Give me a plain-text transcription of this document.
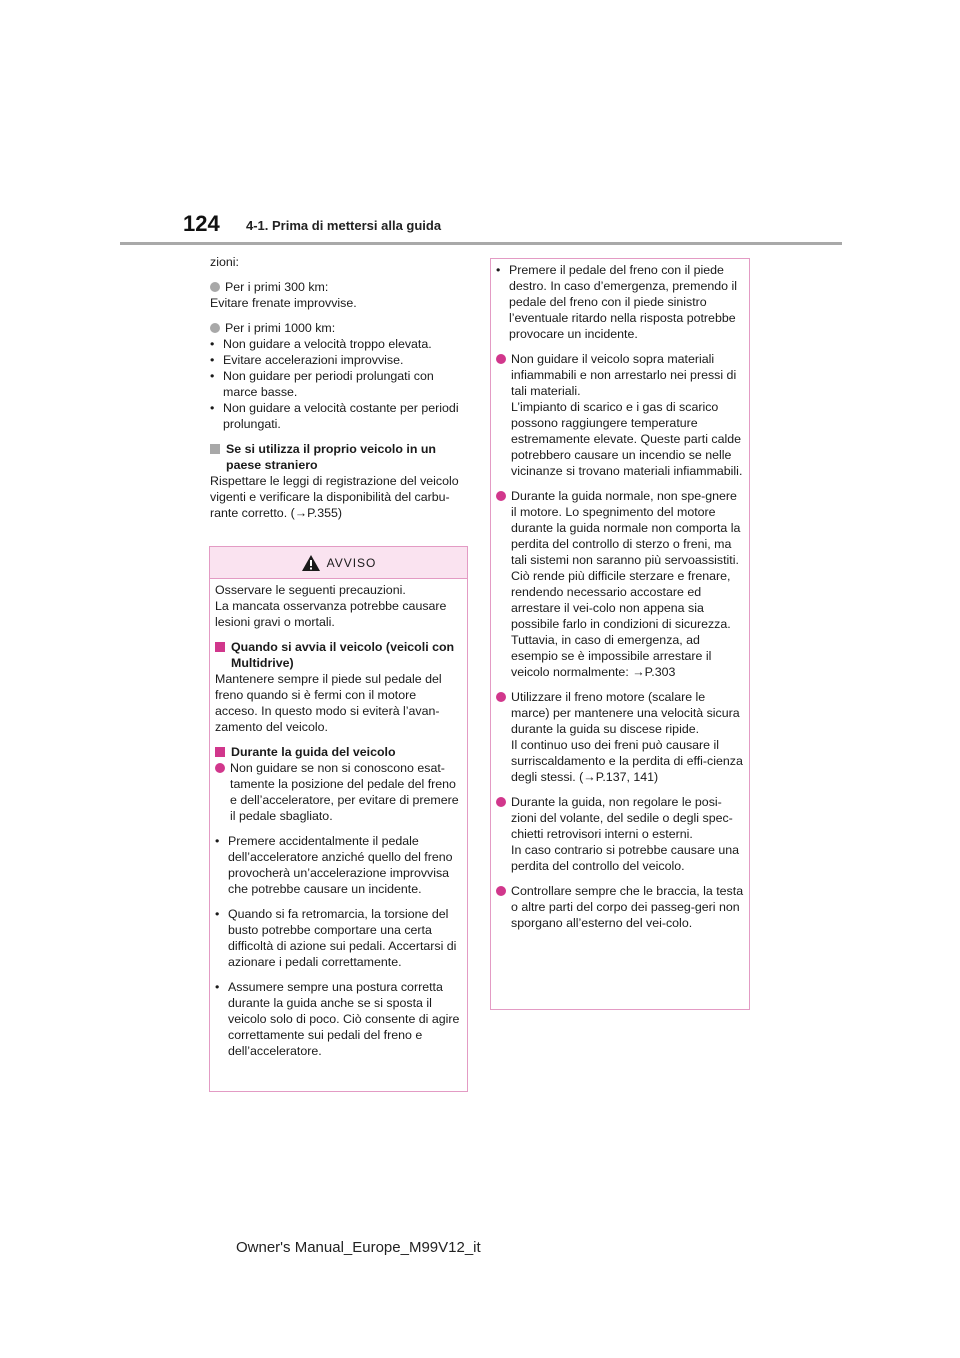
124 4-1. Prima di mettersi alla guida

zioni:

Per i primi 300 km:

Evitare frenate improvvise.

Per i primi 1000 km:
• Non guidare a velocità troppo elevata.
• Evitare accelerazioni improvvise.
• Non guidare per periodi prolungati con marce basse.
• Non guidare a velocità costante per periodi prolungati.
Se si utilizza il proprio veicolo in un paese straniero

Rispettare le leggi di registrazione del veicolo vigenti e verificare la disponibilità del carbu-rante corretto. (→P.355)

AVVISO

Osservare le seguenti precauzioni.
La mancata osservanza potrebbe causare lesioni gravi o mortali.

Quando si avvia il veicolo (veicoli con Multidrive)

Mantenere sempre il piede sul pedale del freno quando si è fermi con il motore acceso. In questo modo si eviterà l’avan-zamento del veicolo.

Durante la guida del veicolo
Non guidare se non si conoscono esat-tamente la posizione del pedale del freno e dell’acceleratore, per evitare di premere il pedale sbagliato.
• Premere accidentalmente il pedale dell’acceleratore anziché quello del freno provocherà un’accelerazione improvvisa che potrebbe causare un incidente.
• Quando si fa retromarcia, la torsione del busto potrebbe comportare una certa difficoltà di azione sui pedali. Accertarsi di azionare i pedali correttamente.
• Assumere sempre una postura corretta durante la guida anche se si sposta il veicolo solo di poco. Ciò consente di agire correttamente sui pedali del freno e dell’acceleratore.
• Premere il pedale del freno con il piede destro. In caso d’emergenza, premendo il pedale del freno con il piede sinistro l’eventuale ritardo nella risposta potrebbe provocare un incidente.
Non guidare il veicolo sopra materiali infiammabili e non arrestarlo nei pressi di tali materiali.
L’impianto di scarico e i gas di scarico possono raggiungere temperature estremamente elevate. Queste parti calde potrebbero causare un incendio se nelle vicinanze si trovano materiali infiammabili.
Durante la guida normale, non spe-gnere il motore. Lo spegnimento del motore durante la guida normale non comporta la perdita del controllo di sterzo o freni, ma tali sistemi non saranno più servoassistiti. Ciò rende più difficile sterzare e frenare, rendendo necessario accostare ed arrestare il vei-colo non appena sia possibile farlo in condizioni di sicurezza.
Tuttavia, in caso di emergenza, ad esempio se è impossibile arrestare il veicolo normalmente: →P.303
Utilizzare il freno motore (scalare le marce) per mantenere una velocità sicura durante la guida su discese ripide.
Il continuo uso dei freni può causare il surriscaldamento e la perdita di effi-cienza degli stessi. (→P.137, 141)
Durante la guida, non regolare le posi-zioni del volante, del sedile o degli spec-chietti retrovisori interni o esterni.
In caso contrario si potrebbe causare una perdita del controllo del veicolo.
Controllare sempre che le braccia, la testa o altre parti del corpo dei passeg-geri non sporgano all’esterno del vei-colo.
Owner's Manual_Europe_M99V12_it
